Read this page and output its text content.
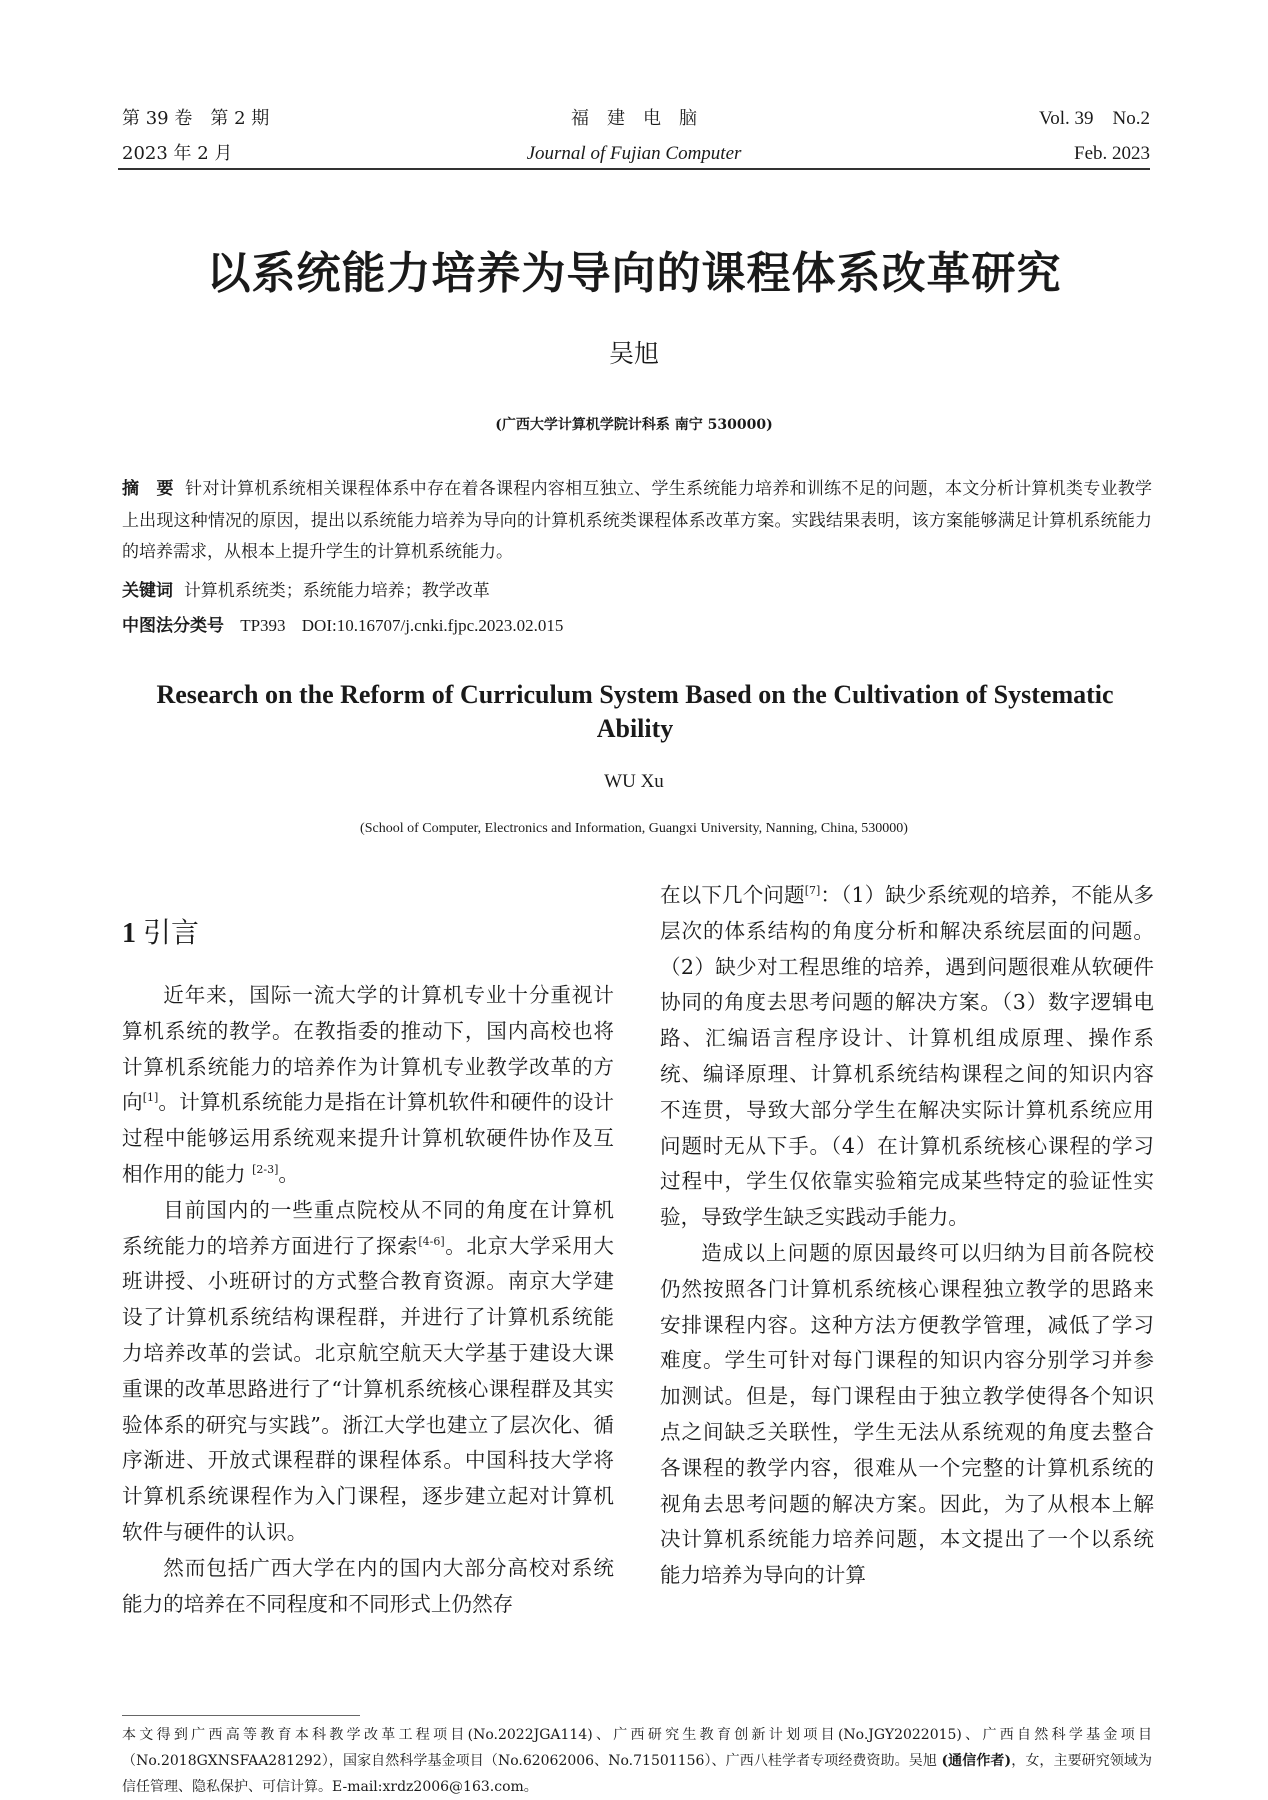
第 39 卷　第 2 期
2023 年 2 月
福　建　电　脑
Journal of Fujian Computer
Vol. 39　No.2
Feb. 2023
以系统能力培养为导向的课程体系改革研究
吴旭
(广西大学计算机学院计科系 南宁 530000)
摘　要 针对计算机系统相关课程体系中存在着各课程内容相互独立、学生系统能力培养和训练不足的问题，本文分析计算机类专业教学上出现这种情况的原因，提出以系统能力培养为导向的计算机系统类课程体系改革方案。实践结果表明，该方案能够满足计算机系统能力的培养需求，从根本上提升学生的计算机系统能力。
关键词 计算机系统类；系统能力培养；教学改革
中图法分类号 TP393 DOI:10.16707/j.cnki.fjpc.2023.02.015
Research on the Reform of Curriculum System Based on the Cultivation of Systematic Ability
WU Xu
(School of Computer, Electronics and Information, Guangxi University, Nanning, China, 530000)
1 引言

近年来，国际一流大学的计算机专业十分重视计算机系统的教学。在教指委的推动下，国内高校也将计算机系统能力的培养作为计算机专业教学改革的方向[1]。计算机系统能力是指在计算机软件和硬件的设计过程中能够运用系统观来提升计算机软硬件协作及互相作用的能力 [2-3]。

目前国内的一些重点院校从不同的角度在计算机系统能力的培养方面进行了探索[4-6]。北京大学采用大班讲授、小班研讨的方式整合教育资源。南京大学建设了计算机系统结构课程群，并进行了计算机系统能力培养改革的尝试。北京航空航天大学基于建设大课重课的改革思路进行了“计算机系统核心课程群及其实验体系的研究与实践”。浙江大学也建立了层次化、循序渐进、开放式课程群的课程体系。中国科技大学将计算机系统课程作为入门课程，逐步建立起对计算机软件与硬件的认识。

然而包括广西大学在内的国内大部分高校对系统能力的培养在不同程度和不同形式上仍然存

在以下几个问题[7]：（1）缺少系统观的培养，不能从多层次的体系结构的角度分析和解决系统层面的问题。（2）缺少对工程思维的培养，遇到问题很难从软硬件协同的角度去思考问题的解决方案。（3）数字逻辑电路、汇编语言程序设计、计算机组成原理、操作系统、编译原理、计算机系统结构课程之间的知识内容不连贯，导致大部分学生在解决实际计算机系统应用问题时无从下手。（4）在计算机系统核心课程的学习过程中，学生仅依靠实验箱完成某些特定的验证性实验，导致学生缺乏实践动手能力。

造成以上问题的原因最终可以归纳为目前各院校仍然按照各门计算机系统核心课程独立教学的思路来安排课程内容。这种方法方便教学管理，减低了学习难度。学生可针对每门课程的知识内容分别学习并参加测试。但是，每门课程由于独立教学使得各个知识点之间缺乏关联性，学生无法从系统观的角度去整合各课程的教学内容，很难从一个完整的计算机系统的视角去思考问题的解决方案。因此，为了从根本上解决计算机系统能力培养问题，本文提出了一个以系统能力培养为导向的计算

本文得到广西高等教育本科教学改革工程项目(No.2022JGA114)、广西研究生教育创新计划项目(No.JGY2022015)、广西自然科学基金项目（No.2018GXNSFAA281292），国家自然科学基金项目（No.62062006、No.71501156）、广西八桂学者专项经费资助。吴旭 (通信作者)，女，主要研究领域为信任管理、隐私保护、可信计算。E-mail:xrdz2006@163.com。
